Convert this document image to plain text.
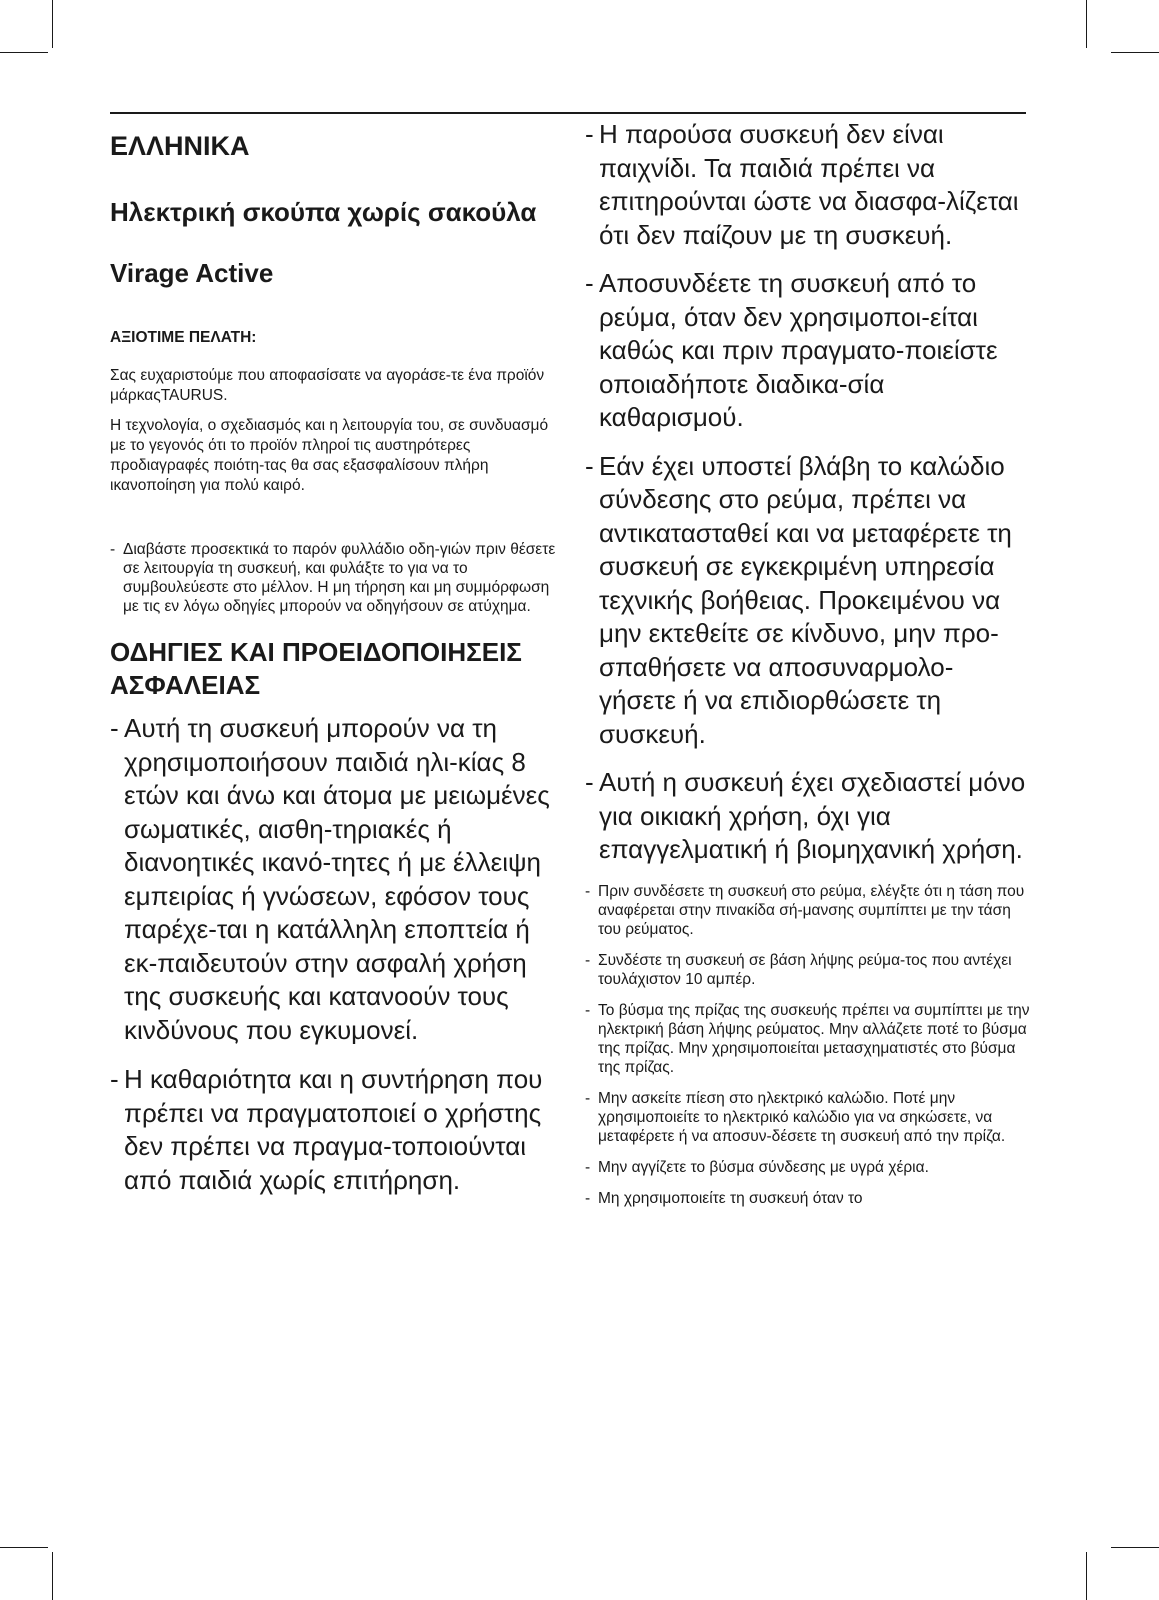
ΕΛΛΗΝΙΚΑ
Ηλεκτρική σκούπα χωρίς σακούλα
Virage Active
ΑΞΙΟΤΙΜΕ ΠΕΛΑΤΗ:

Σας ευχαριστούμε που αποφασίσατε να αγοράσε-τε ένα προϊόν μάρκαςTAURUS.

Η τεχνολογία, ο σχεδιασμός και η λειτουργία του, σε συνδυασμό με το γεγονός ότι το προϊόν πληροί τις αυστηρότερες προδιαγραφές ποιότη-τας θα σας εξασφαλίσουν πλήρη ικανοποίηση για πολύ καιρό.

- Διαβάστε προσεκτικά το παρόν φυλλάδιο οδη-γιών πριν θέσετε σε λειτουργία τη συσκευή, και φυλάξτε το για να το συμβουλεύεστε στο μέλλον. Η μη τήρηση και μη συμμόρφωση με τις εν λόγω οδηγίες μπορούν να οδηγήσουν σε ατύχημα.
ΟΔΗΓΙΕΣ ΚΑΙ ΠΡΟΕΙΔΟΠΟΙΗΣΕΙΣ ΑΣΦΑΛΕΙΑΣ
- Αυτή τη συσκευή μπορούν να τη χρησιμοποιήσουν παιδιά ηλι-κίας 8 ετών και άνω και άτομα με μειωμένες σωματικές, αισθη-τηριακές ή διανοητικές ικανό-τητες ή με έλλειψη εμπειρίας ή γνώσεων, εφόσον τους παρέχε-ται η κατάλληλη εποπτεία ή εκ-παιδευτούν στην ασφαλή χρήση της συσκευής και κατανοούν τους κινδύνους που εγκυμονεί.
- Η καθαριότητα και η συντήρηση που πρέπει να πραγματοποιεί ο χρήστης δεν πρέπει να πραγμα-τοποιούνται από παιδιά χωρίς επιτήρηση.
- Η παρούσα συσκευή δεν είναι παιχνίδι. Τα παιδιά πρέπει να επιτηρούνται ώστε να διασφα-λίζεται ότι δεν παίζουν με τη συσκευή.
- Αποσυνδέετε τη συσκευή από το ρεύμα, όταν δεν χρησιμοποι-είται καθώς και πριν πραγματο-ποιείστε οποιαδήποτε διαδικα-σία καθαρισμού.
- Εάν έχει υποστεί βλάβη το καλώδιο σύνδεσης στο ρεύμα, πρέπει να αντικατασταθεί και να μεταφέρετε τη συσκευή σε εγκεκριμένη υπηρεσία τεχνικής βοήθειας. Προκειμένου να μην εκτεθείτε σε κίνδυνο, μην προ-σπαθήσετε να αποσυναρμολο-γήσετε ή να επιδιορθώσετε τη συσκευή.
- Αυτή η συσκευή έχει σχεδιαστεί μόνο για οικιακή χρήση, όχι για επαγγελματική ή βιομηχανική χρήση.
- Πριν συνδέσετε τη συσκευή στο ρεύμα, ελέγξτε ότι η τάση που αναφέρεται στην πινακίδα σή-μανσης συμπίπτει με την τάση του ρεύματος.
- Συνδέστε τη συσκευή σε βάση λήψης ρεύμα-τος που αντέχει τουλάχιστον 10 αμπέρ.
- Το βύσμα της πρίζας της συσκευής πρέπει να συμπίπτει με την ηλεκτρική βάση λήψης ρεύματος. Μην αλλάζετε ποτέ το βύσμα της πρίζας. Μην χρησιμοποιείται μετασχηματιστές στο βύσμα της πρίζας.
- Μην ασκείτε πίεση στο ηλεκτρικό καλώδιο. Ποτέ μην χρησιμοποιείτε το ηλεκτρικό καλώδιο για να σηκώσετε, να μεταφέρετε ή να αποσυν-δέσετε τη συσκευή από την πρίζα.
- Μην αγγίζετε το βύσμα σύνδεσης με υγρά χέρια.
- Μη χρησιμοποιείτε τη συσκευή όταν το
